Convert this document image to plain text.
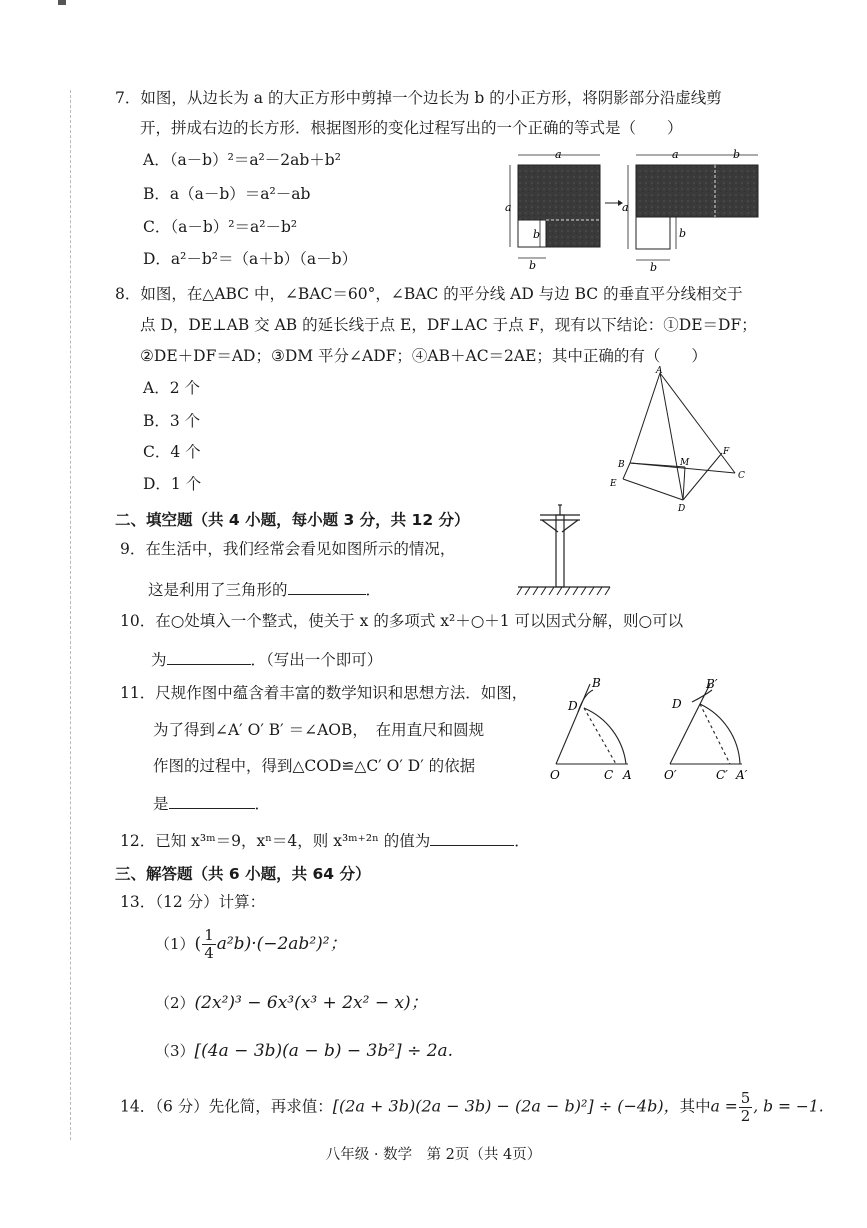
7．如图，从边长为 a 的大正方形中剪掉一个边长为 b 的小正方形，将阴影部分沿虚线剪
开，拼成右边的长方形．根据图形的变化过程写出的一个正确的等式是（　　）
A．（a－b）²＝a²－2ab＋b²
B．a（a－b）＝a²－ab
C．（a－b）²＝a²－b²
D．a²－b²＝（a＋b）（a－b）
a
a
b
b
a	b
a
b
b
8．如图，在△ABC 中，∠BAC＝60°，∠BAC 的平分线 AD 与边 BC 的垂直平分线相交于
点 D，DE⊥AB 交 AB 的延长线于点 E，DF⊥AC 于点 F，现有以下结论：①DE＝DF；
②DE＋DF＝AD；③DM 平分∠ADF；④AB＋AC＝2AE；其中正确的有（　　）
A．2 个
B．3 个
C．4 个
D．1 个
A
B
C
D
E
F
M
二、填空题（共 4 小题，每小题 3 分，共 12 分）
9．在生活中，我们经常会看见如图所示的情况，
这是利用了三角形的	．
10．在○处填入一个整式，使关于 x 的多项式 x²＋○＋1 可以因式分解，则○可以
为	．（写出一个即可）
11．尺规作图中蕴含着丰富的数学知识和思想方法．如图，
为了得到∠A′ O′ B′ ＝∠AOB，　在用直尺和圆规
作图的过程中，得到△COD≌△C′ O′ D′ 的依据
是	．
O	C A
D
B
O′	C′ A′
D
B′
12．已知 x³ᵐ＝9，xⁿ＝4，则 x³ᵐ⁺²ⁿ 的值为	．
三、解答题（共 6 小题，共 64 分）
13．（12 分）计算：
$(1)( \frac{1}{4} a^2b)\cdot(-2ab^2)^2$；
（2）(2x²)³ − 6x³(x³ + 2x² − x)；
（3）[(4a − 3b)(a − b) − 3b²] ÷ 2a.
14．（6 分）先化简，再求值：[(2a + 3b)(2a − 3b) − (2a − b)²] ÷ (−4b)，其中$a = \frac{5}{2}$ , b = −1.
八年级 · 数学　第 2页（共 4页）
